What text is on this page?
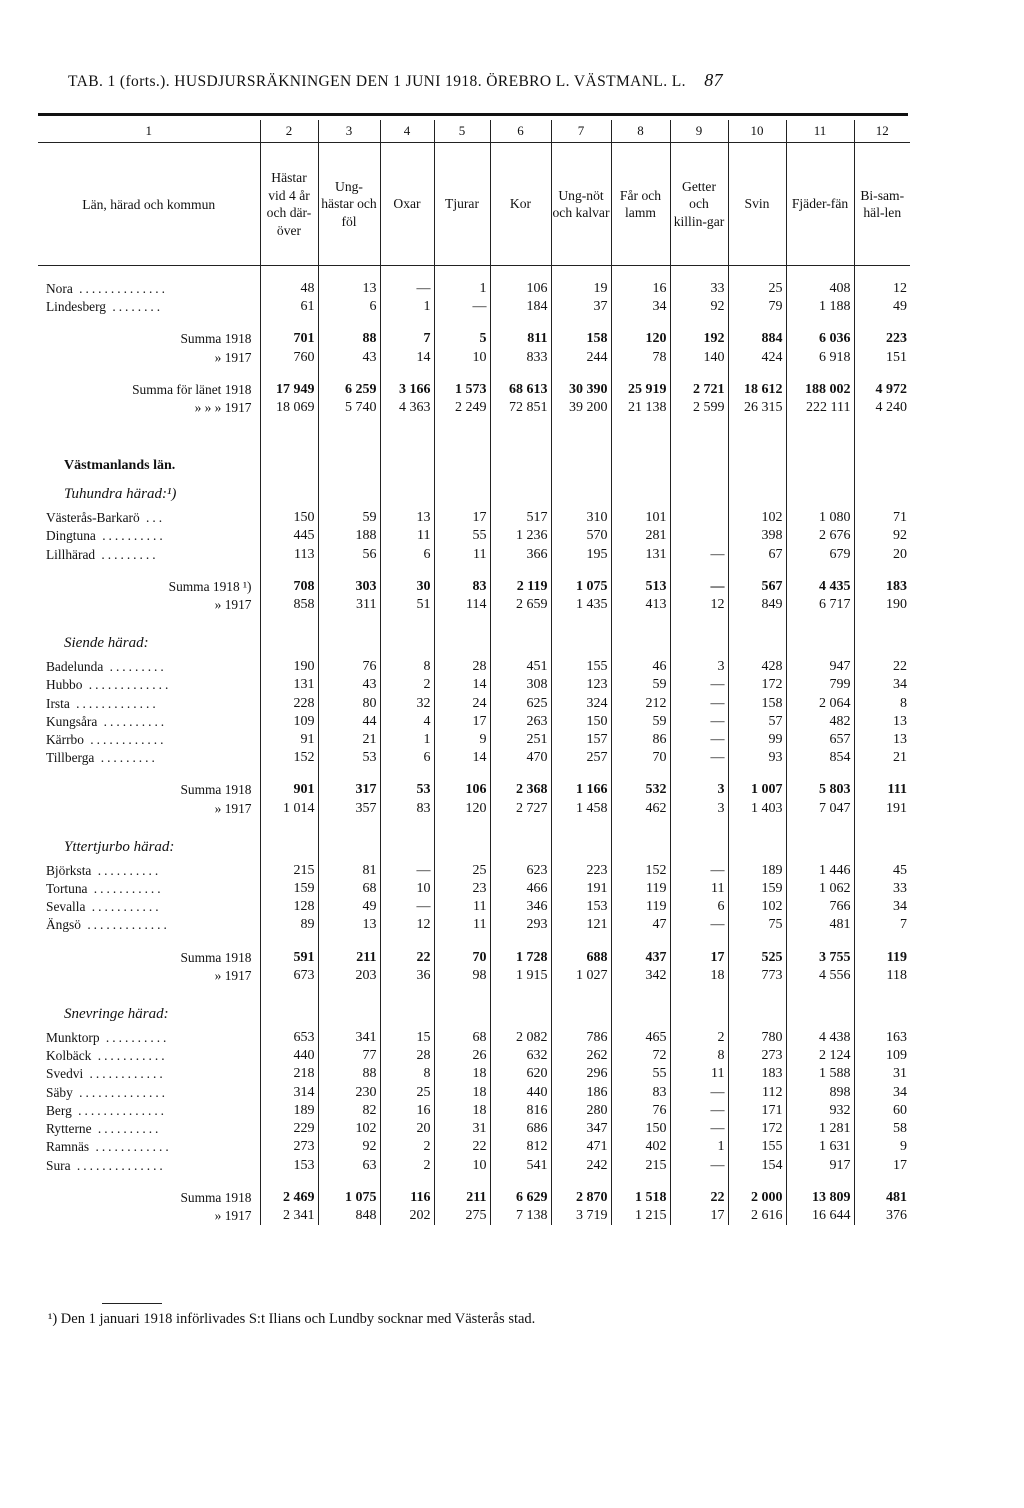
TAB. 1 (forts.). HUSDJURSRÄKNINGEN DEN 1 JUNI 1918. ÖREBRO L. VÄSTMANL. L. 87
1	2	3	4	5	6	7	8	9	10	11	12
Län, härad och kommun	Hästar vid 4 år och där-över	Ung-hästar och föl	Oxar	Tjurar	Kor	Ung-nöt och kalvar	Får och lamm	Getter och killin-gar	Svin	Fjäder-fän	Bi-sam-häl-len

Nora ..............	48	13	—	1	106	19	16	33	25	408	12
Lindesberg ........	61	6	1	—	184	37	34	92	79	1 188	49

Summa 1918	701	88	7	5	811	158	120	192	884	6 036	223
» 1917	760	43	14	10	833	244	78	140	424	6 918	151

Summa för länet 1918	17 949	6 259	3 166	1 573	68 613	30 390	25 919	2 721	18 612	188 002	4 972
» » » 1917	18 069	5 740	4 363	2 249	72 851	39 200	21 138	2 599	26 315	222 111	4 240

Västmanlands län.											
Tuhundra härad:¹)											
Västerås-Barkarö ...	150	59	13	17	517	310	101		102	1 080	71
Dingtuna ..........	445	188	11	55	1 236	570	281		398	2 676	92
Lillhärad .........	113	56	6	11	366	195	131	—	67	679	20

Summa 1918 ¹)	708	303	30	83	2 119	1 075	513	—	567	4 435	183
» 1917	858	311	51	114	2 659	1 435	413	12	849	6 717	190

Siende härad:											
Badelunda .........	190	76	8	28	451	155	46	3	428	947	22
Hubbo .............	131	43	2	14	308	123	59	—	172	799	34
Irsta .............	228	80	32	24	625	324	212	—	158	2 064	8
Kungsåra ..........	109	44	4	17	263	150	59	—	57	482	13
Kärrbo ............	91	21	1	9	251	157	86	—	99	657	13
Tillberga .........	152	53	6	14	470	257	70	—	93	854	21

Summa 1918	901	317	53	106	2 368	1 166	532	3	1 007	5 803	111
» 1917	1 014	357	83	120	2 727	1 458	462	3	1 403	7 047	191

Yttertjurbo härad:											
Björksta ..........	215	81	—	25	623	223	152	—	189	1 446	45
Tortuna ...........	159	68	10	23	466	191	119	11	159	1 062	33
Sevalla ...........	128	49	—	11	346	153	119	6	102	766	34
Ängsö .............	89	13	12	11	293	121	47	—	75	481	7

Summa 1918	591	211	22	70	1 728	688	437	17	525	3 755	119
» 1917	673	203	36	98	1 915	1 027	342	18	773	4 556	118

Snevringe härad:											
Munktorp ..........	653	341	15	68	2 082	786	465	2	780	4 438	163
Kolbäck ...........	440	77	28	26	632	262	72	8	273	2 124	109
Svedvi ............	218	88	8	18	620	296	55	11	183	1 588	31
Säby ..............	314	230	25	18	440	186	83	—	112	898	34
Berg ..............	189	82	16	18	816	280	76	—	171	932	60
Rytterne ..........	229	102	20	31	686	347	150	—	172	1 281	58
Ramnäs ............	273	92	2	22	812	471	402	1	155	1 631	9
Sura ..............	153	63	2	10	541	242	215	—	154	917	17

Summa 1918	2 469	1 075	116	211	6 629	2 870	1 518	22	2 000	13 809	481
» 1917	2 341	848	202	275	7 138	3 719	1 215	17	2 616	16 644	376
¹) Den 1 januari 1918 införlivades S:t Ilians och Lundby socknar med Västerås stad.
